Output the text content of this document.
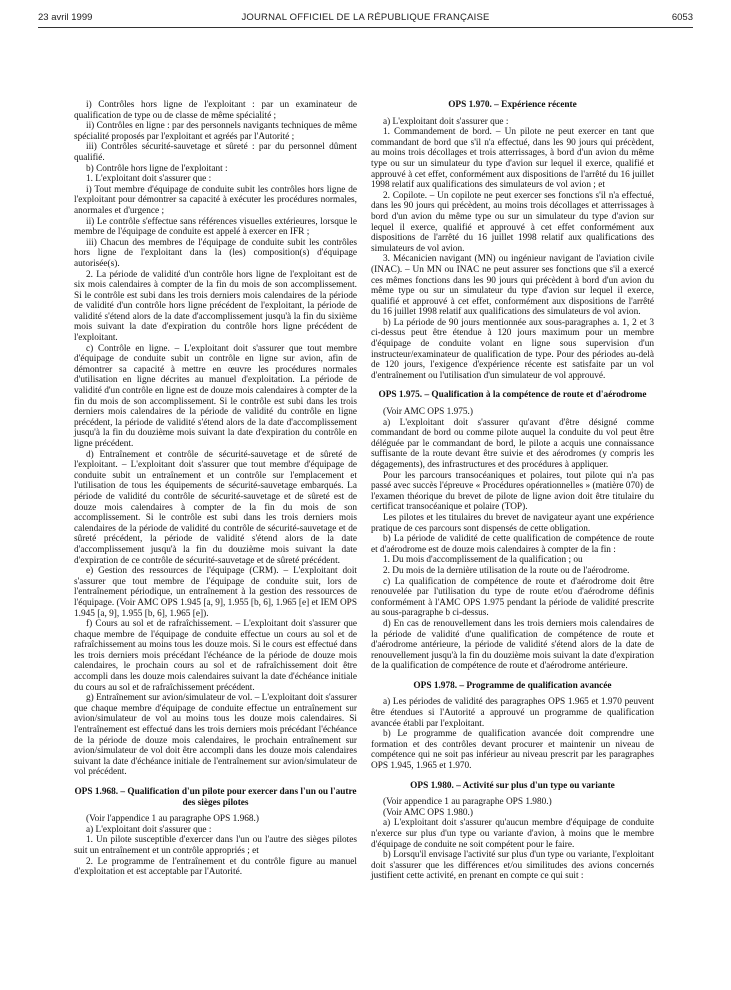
23 avril 1999	JOURNAL OFFICIEL DE LA RÉPUBLIQUE FRANÇAISE	6053

i) Contrôles hors ligne de l'exploitant : par un examinateur de qualification de type ou de classe de même spécialité ;

ii) Contrôles en ligne : par des personnels navigants techniques de même spécialité proposés par l'exploitant et agréés par l'Autorité ;

iii) Contrôles sécurité-sauvetage et sûreté : par du personnel dûment qualifié.

b) Contrôle hors ligne de l'exploitant :

1. L'exploitant doit s'assurer que :

i) Tout membre d'équipage de conduite subit les contrôles hors ligne de l'exploitant pour démontrer sa capacité à exécuter les procédures normales, anormales et d'urgence ;

ii) Le contrôle s'effectue sans références visuelles extérieures, lorsque le membre de l'équipage de conduite est appelé à exercer en IFR ;

iii) Chacun des membres de l'équipage de conduite subit les contrôles hors ligne de l'exploitant dans la (les) composition(s) d'équipage autorisée(s).

2. La période de validité d'un contrôle hors ligne de l'exploitant est de six mois calendaires à compter de la fin du mois de son accomplissement. Si le contrôle est subi dans les trois derniers mois calendaires de la période de validité d'un contrôle hors ligne précédent de l'exploitant, la période de validité s'étend alors de la date d'accomplissement jusqu'à la fin du sixième mois suivant la date d'expiration du contrôle hors ligne précédent de l'exploitant.

c) Contrôle en ligne. – L'exploitant doit s'assurer que tout membre d'équipage de conduite subit un contrôle en ligne sur avion, afin de démontrer sa capacité à mettre en œuvre les procédures normales d'utilisation en ligne décrites au manuel d'exploitation. La période de validité d'un contrôle en ligne est de douze mois calendaires à compter de la fin du mois de son accomplissement. Si le contrôle est subi dans les trois derniers mois calendaires de la période de validité du contrôle en ligne précédent, la période de validité s'étend alors de la date d'accomplissement jusqu'à la fin du douzième mois suivant la date d'expiration du contrôle en ligne précédent.

d) Entraînement et contrôle de sécurité-sauvetage et de sûreté de l'exploitant. – L'exploitant doit s'assurer que tout membre d'équipage de conduite subit un entraînement et un contrôle sur l'emplacement et l'utilisation de tous les équipements de sécurité-sauvetage embarqués. La période de validité du contrôle de sécurité-sauvetage et de sûreté est de douze mois calendaires à compter de la fin du mois de son accomplissement. Si le contrôle est subi dans les trois derniers mois calendaires de la période de validité du contrôle de sécurité-sauvetage et de sûreté précédent, la période de validité s'étend alors de la date d'accomplissement jusqu'à la fin du douzième mois suivant la date d'expiration de ce contrôle de sécurité-sauvetage et de sûreté précédent.

e) Gestion des ressources de l'équipage (CRM). – L'exploitant doit s'assurer que tout membre de l'équipage de conduite suit, lors de l'entraînement périodique, un entraînement à la gestion des ressources de l'équipage. (Voir AMC OPS 1.945 [a, 9], 1.955 [b, 6], 1.965 [e] et IEM OPS 1.945 [a, 9], 1.955 [b, 6], 1.965 [e]).

f) Cours au sol et de rafraîchissement. – L'exploitant doit s'assurer que chaque membre de l'équipage de conduite effectue un cours au sol et de rafraîchissement au moins tous les douze mois. Si le cours est effectué dans les trois derniers mois précédant l'échéance de la période de douze mois calendaires, le prochain cours au sol et de rafraîchissement doit être accompli dans les douze mois calendaires suivant la date d'échéance initiale du cours au sol et de rafraîchissement précédent.

g) Entraînement sur avion/simulateur de vol. – L'exploitant doit s'assurer que chaque membre d'équipage de conduite effectue un entraînement sur avion/simulateur de vol au moins tous les douze mois calendaires. Si l'entraînement est effectué dans les trois derniers mois précédant l'échéance de la période de douze mois calendaires, le prochain entraînement sur avion/simulateur de vol doit être accompli dans les douze mois calendaires suivant la date d'échéance initiale de l'entraînement sur avion/simulateur de vol précédent.

OPS 1.968. – Qualification d'un pilote pour exercer dans l'un ou l'autre des sièges pilotes

(Voir l'appendice 1 au paragraphe OPS 1.968.)

a) L'exploitant doit s'assurer que :

1. Un pilote susceptible d'exercer dans l'un ou l'autre des sièges pilotes suit un entraînement et un contrôle appropriés ; et

2. Le programme de l'entraînement et du contrôle figure au manuel d'exploitation et est acceptable par l'Autorité.

OPS 1.970. – Expérience récente

a) L'exploitant doit s'assurer que :

1. Commandement de bord. – Un pilote ne peut exercer en tant que commandant de bord que s'il n'a effectué, dans les 90 jours qui précèdent, au moins trois décollages et trois atterrissages, à bord d'un avion du même type ou sur un simulateur du type d'avion sur lequel il exerce, qualifié et approuvé à cet effet, conformément aux dispositions de l'arrêté du 16 juillet 1998 relatif aux qualifications des simulateurs de vol avion ; et

2. Copilote. – Un copilote ne peut exercer ses fonctions s'il n'a effectué, dans les 90 jours qui précèdent, au moins trois décollages et atterrissages à bord d'un avion du même type ou sur un simulateur du type d'avion sur lequel il exerce, qualifié et approuvé à cet effet conformément aux dispositions de l'arrêté du 16 juillet 1998 relatif aux qualifications des simulateurs de vol avion.

3. Mécanicien navigant (MN) ou ingénieur navigant de l'aviation civile (INAC). – Un MN ou INAC ne peut assurer ses fonctions que s'il a exercé ces mêmes fonctions dans les 90 jours qui précèdent à bord d'un avion du même type ou sur un simulateur du type d'avion sur lequel il exerce, qualifié et approuvé à cet effet, conformément aux dispositions de l'arrêté du 16 juillet 1998 relatif aux qualifications des simulateurs de vol avion.

b) La période de 90 jours mentionnée aux sous-paragraphes a. 1, 2 et 3 ci-dessus peut être étendue à 120 jours maximum pour un membre d'équipage de conduite volant en ligne sous supervision d'un instructeur/examinateur de qualification de type. Pour des périodes au-delà de 120 jours, l'exigence d'expérience récente est satisfaite par un vol d'entraînement ou l'utilisation d'un simulateur de vol approuvé.

OPS 1.975. – Qualification à la compétence de route et d'aérodrome

(Voir AMC OPS 1.975.)

a) L'exploitant doit s'assurer qu'avant d'être désigné comme commandant de bord ou comme pilote auquel la conduite du vol peut être déléguée par le commandant de bord, le pilote a acquis une connaissance suffisante de la route devant être suivie et des aérodromes (y compris les dégagements), des infrastructures et des procédures à appliquer.

Pour les parcours transocéaniques et polaires, tout pilote qui n'a pas passé avec succès l'épreuve « Procédures opérationnelles » (matière 070) de l'examen théorique du brevet de pilote de ligne avion doit être titulaire du certificat transocéanique et polaire (TOP).

Les pilotes et les titulaires du brevet de navigateur ayant une expérience pratique de ces parcours sont dispensés de cette obligation.

b) La période de validité de cette qualification de compétence de route et d'aérodrome est de douze mois calendaires à compter de la fin :

1. Du mois d'accomplissement de la qualification ; ou

2. Du mois de la dernière utilisation de la route ou de l'aérodrome.

c) La qualification de compétence de route et d'aérodrome doit être renouvelée par l'utilisation du type de route et/ou d'aérodrome définis conformément à l'AMC OPS 1.975 pendant la période de validité prescrite au sous-paragraphe b ci-dessus.

d) En cas de renouvellement dans les trois derniers mois calendaires de la période de validité d'une qualification de compétence de route et d'aérodrome antérieure, la période de validité s'étend alors de la date de renouvellement jusqu'à la fin du douzième mois suivant la date d'expiration de la qualification de compétence de route et d'aérodrome antérieure.

OPS 1.978. – Programme de qualification avancée

a) Les périodes de validité des paragraphes OPS 1.965 et 1.970 peuvent être étendues si l'Autorité a approuvé un programme de qualification avancée établi par l'exploitant.

b) Le programme de qualification avancée doit comprendre une formation et des contrôles devant procurer et maintenir un niveau de compétence qui ne soit pas inférieur au niveau prescrit par les paragraphes OPS 1.945, 1.965 et 1.970.

OPS 1.980. – Activité sur plus d'un type ou variante

(Voir appendice 1 au paragraphe OPS 1.980.)

(Voir AMC OPS 1.980.)

a) L'exploitant doit s'assurer qu'aucun membre d'équipage de conduite n'exerce sur plus d'un type ou variante d'avion, à moins que le membre d'équipage de conduite ne soit compétent pour le faire.

b) Lorsqu'il envisage l'activité sur plus d'un type ou variante, l'exploitant doit s'assurer que les différences et/ou similitudes des avions concernés justifient cette activité, en prenant en compte ce qui suit :
